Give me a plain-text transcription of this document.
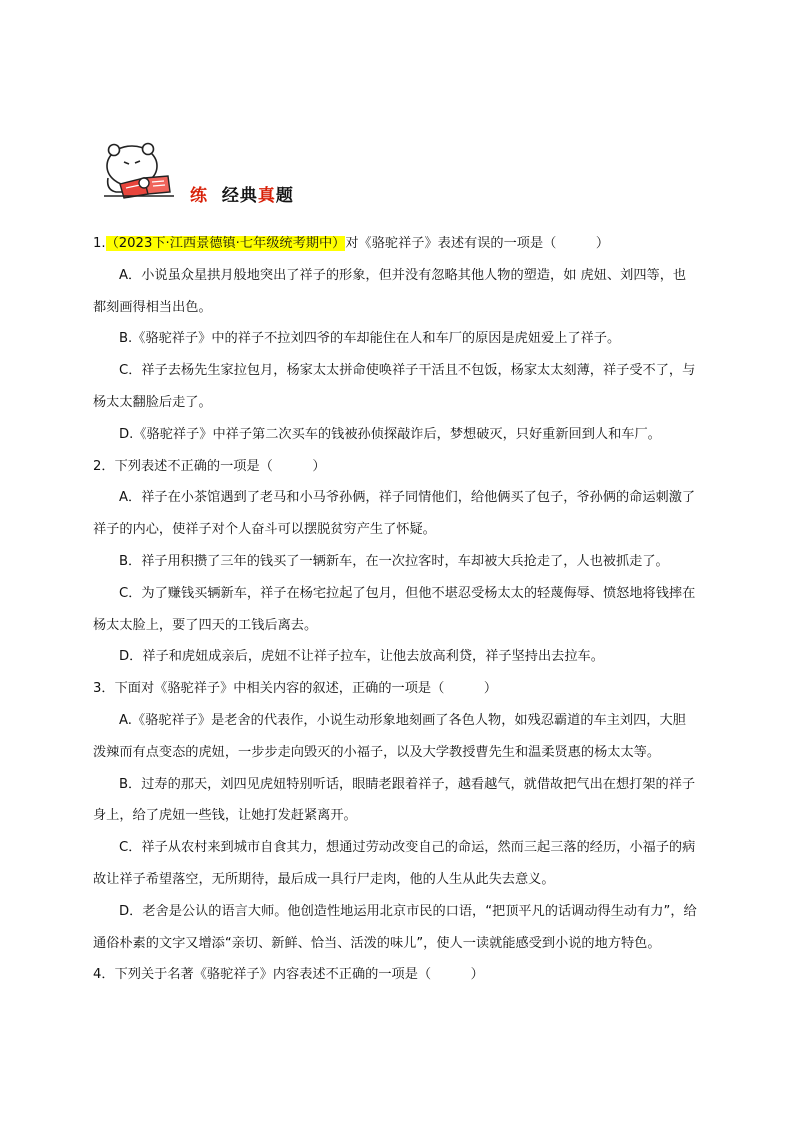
练 经典真题
1.（2023下·江西景德镇·七年级统考期中）对《骆驼祥子》表述有误的一项是（　　　）
A．小说虽众星拱月般地突出了祥子的形象，但并没有忽略其他人物的塑造，如 虎妞、刘四等，也
都刻画得相当出色。
B.《骆驼祥子》中的祥子不拉刘四爷的车却能住在人和车厂的原因是虎妞爱上了祥子。
C．祥子去杨先生家拉包月，杨家太太拼命使唤祥子干活且不包饭，杨家太太刻薄，祥子受不了，与
杨太太翻脸后走了。
D.《骆驼祥子》中祥子第二次买车的钱被孙侦探敲诈后，梦想破灭，只好重新回到人和车厂。
2．下列表述不正确的一项是（　　　）
A．祥子在小茶馆遇到了老马和小马爷孙俩，祥子同情他们，给他俩买了包子，爷孙俩的命运刺激了
祥子的内心，使祥子对个人奋斗可以摆脱贫穷产生了怀疑。
B．祥子用积攒了三年的钱买了一辆新车，在一次拉客时，车却被大兵抢走了，人也被抓走了。
C．为了赚钱买辆新车，祥子在杨宅拉起了包月，但他不堪忍受杨太太的轻蔑侮辱、愤怒地将钱摔在
杨太太脸上，要了四天的工钱后离去。
D．祥子和虎妞成亲后，虎妞不让祥子拉车，让他去放高利贷，祥子坚持出去拉车。
3．下面对《骆驼祥子》中相关内容的叙述，正确的一项是（　　　）
A.《骆驼祥子》是老舍的代表作，小说生动形象地刻画了各色人物，如残忍霸道的车主刘四，大胆
泼辣而有点变态的虎妞，一步步走向毁灭的小福子，以及大学教授曹先生和温柔贤惠的杨太太等。
B．过寿的那天，刘四见虎妞特别听话，眼睛老跟着祥子，越看越气，就借故把气出在想打架的祥子
身上，给了虎妞一些钱，让她打发赶紧离开。
C．祥子从农村来到城市自食其力，想通过劳动改变自己的命运，然而三起三落的经历，小福子的病
故让祥子希望落空，无所期待，最后成一具行尸走肉，他的人生从此失去意义。
D．老舍是公认的语言大师。他创造性地运用北京市民的口语，“把顶平凡的话调动得生动有力”，给
通俗朴素的文字又增添“亲切、新鲜、恰当、活泼的味儿”，使人一读就能感受到小说的地方特色。
4．下列关于名著《骆驼祥子》内容表述不正确的一项是（　　　）
